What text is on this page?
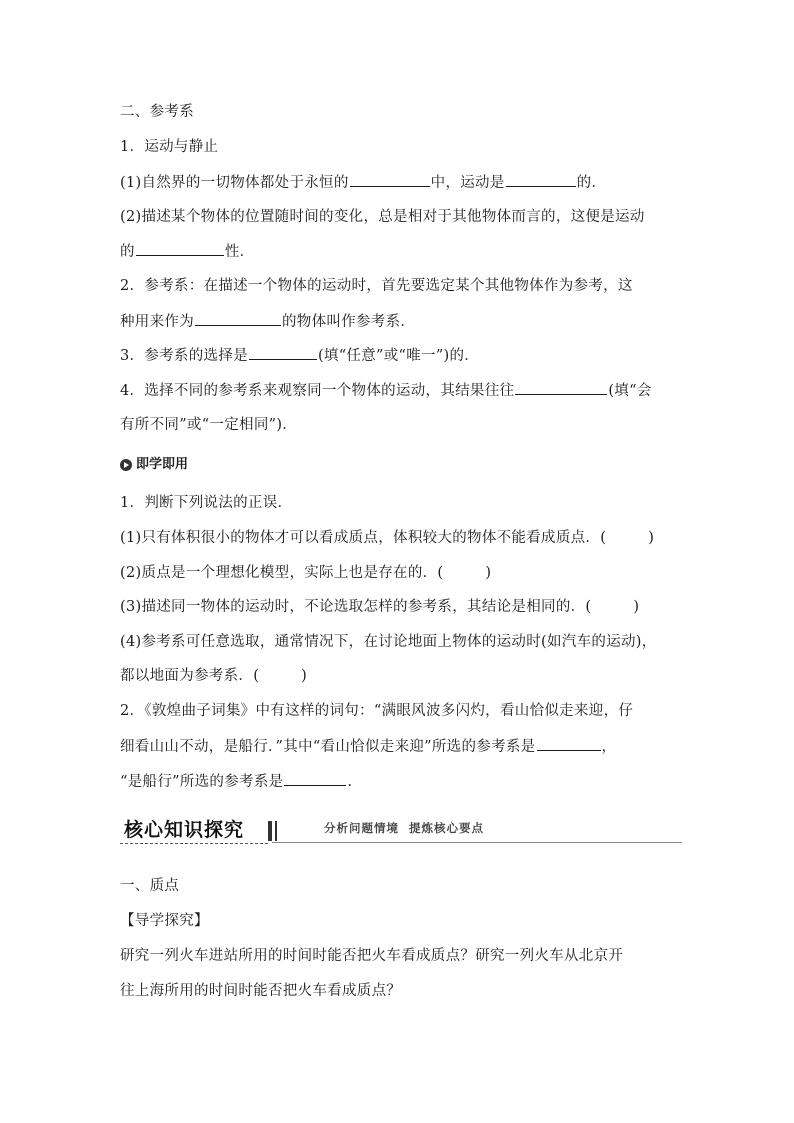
二、参考系
1．运动与静止
(1)自然界的一切物体都处于永恒的	中，运动是	的．
(2)描述某个物体的位置随时间的变化，总是相对于其他物体而言的，这便是运动
的	性．
2．参考系：在描述一个物体的运动时，首先要选定某个其他物体作为参考，这
种用来作为	的物体叫作参考系．
3．参考系的选择是	(填“任意”或“唯一”)的．
4．选择不同的参考系来观察同一个物体的运动，其结果往往	(填“会
有所不同”或“一定相同”)．
即学即用
1．判断下列说法的正误．
(1)只有体积很小的物体才可以看成质点，体积较大的物体不能看成质点．(	)
(2)质点是一个理想化模型，实际上也是存在的．(	)
(3)描述同一物体的运动时，不论选取怎样的参考系，其结论是相同的．(	)
(4)参考系可任意选取，通常情况下，在讨论地面上物体的运动时(如汽车的运动)，
都以地面为参考系．(	)
2．《敦煌曲子词集》中有这样的词句：“满眼风波多闪灼，看山恰似走来迎，仔
细看山山不动，是船行．”其中“看山恰似走来迎”所选的参考系是	，
“是船行”所选的参考系是	．
核心知识探究	分析问题情境 提炼核心要点
一、质点
【导学探究】
研究一列火车进站所用的时间时能否把火车看成质点？研究一列火车从北京开
往上海所用的时间时能否把火车看成质点？
